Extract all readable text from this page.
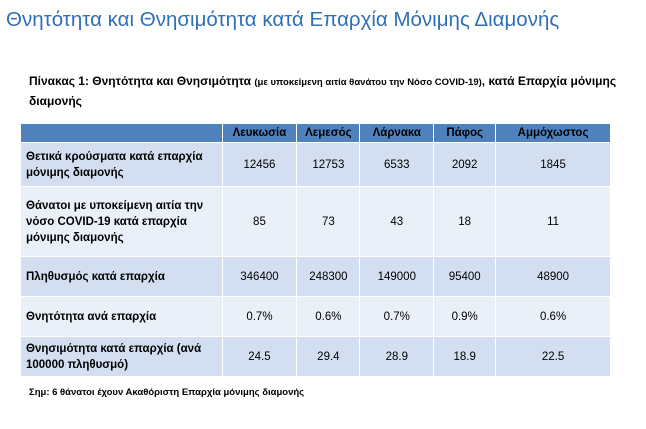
Θνητότητα και Θνησιμότητα κατά Επαρχία Μόνιμης Διαμονής
Πίνακας 1: Θνητότητα και Θνησιμότητα (με υποκείμενη αιτία θανάτου την Νόσο COVID-19), κατά Επαρχία μόνιμης διαμονής
	Λευκωσία	Λεμεσός	Λάρνακα	Πάφος	Αμμόχωστος
Θετικά κρούσματα κατά επαρχία μόνιμης διαμονής	12456	12753	6533	2092	1845
Θάνατοι με υποκείμενη αιτία την νόσο COVID-19 κατά επαρχία μόνιμης διαμονής	85	73	43	18	11
Πληθυσμός κατά επαρχία	346400	248300	149000	95400	48900
Θνητότητα ανά επαρχία	0.7%	0.6%	0.7%	0.9%	0.6%
Θνησιμότητα κατά επαρχία (ανά 100000 πληθυσμό)	24.5	29.4	28.9	18.9	22.5
Σημ: 6 θάνατοι έχουν Ακαθόριστη Επαρχία μόνιμης διαμονής
